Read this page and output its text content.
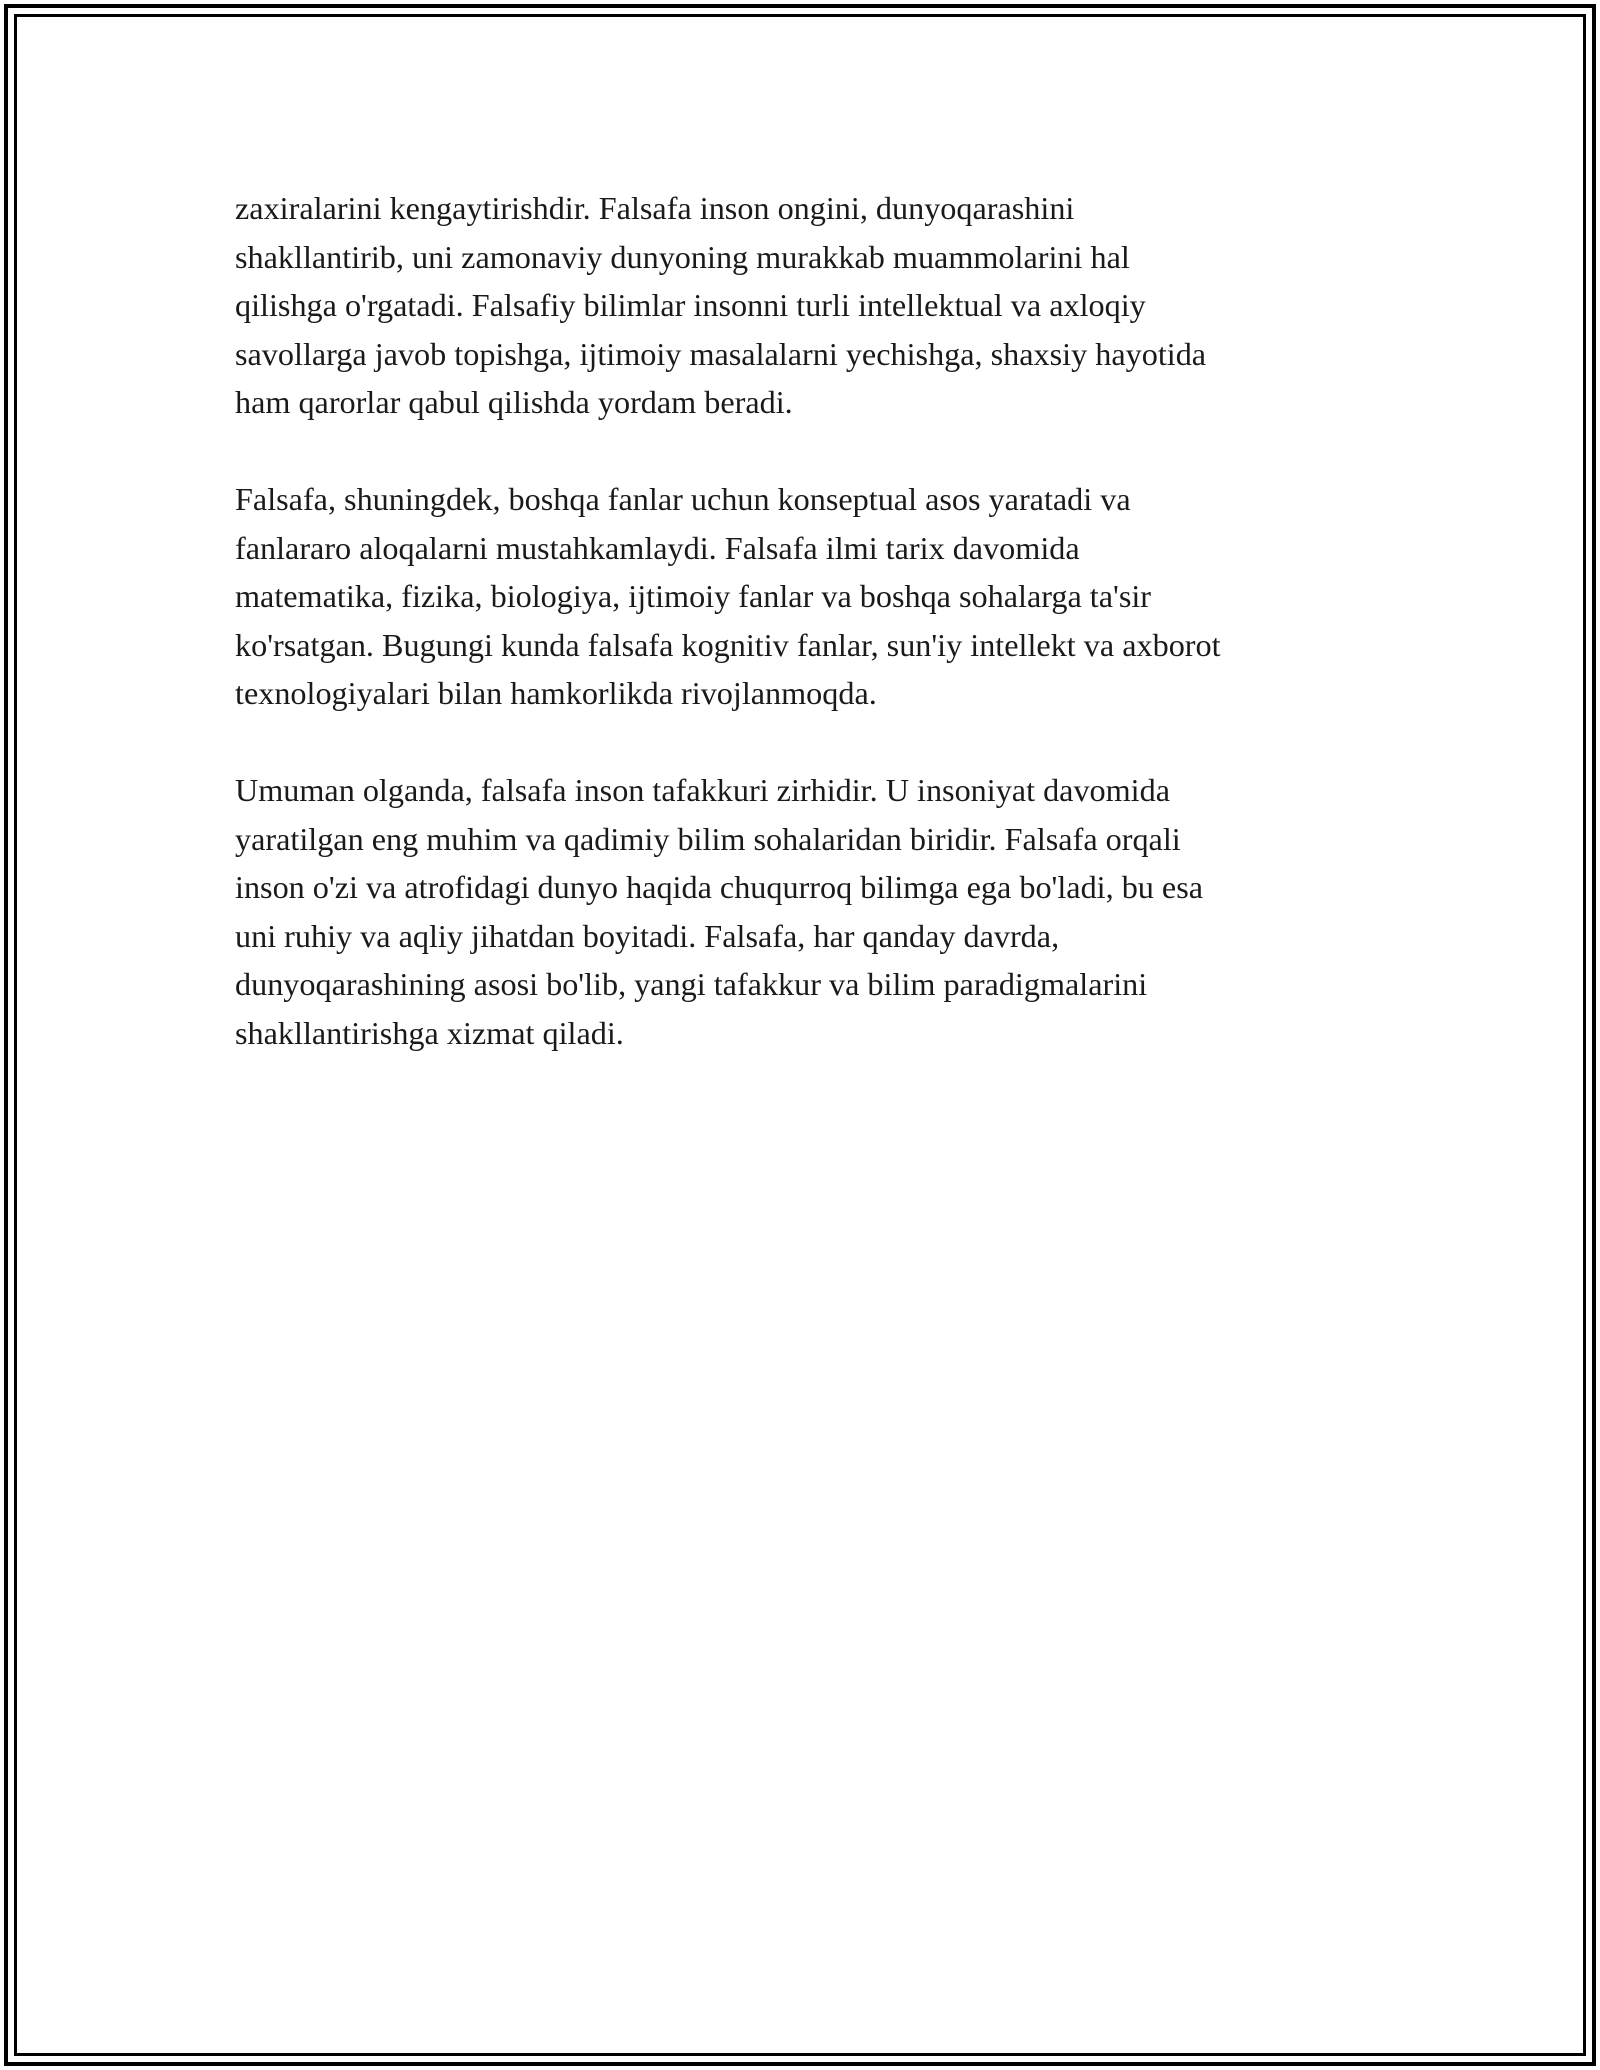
zaxiralarini kengaytirishdir. Falsafa inson ongini, dunyoqarashini
shakllantirib, uni zamonaviy dunyoning murakkab muammolarini hal
qilishga o'rgatadi. Falsafiy bilimlar insonni turli intellektual va axloqiy
savollarga javob topishga, ijtimoiy masalalarni yechishga, shaxsiy hayotida
ham qarorlar qabul qilishda yordam beradi.

Falsafa, shuningdek, boshqa fanlar uchun konseptual asos yaratadi va
fanlararo aloqalarni mustahkamlaydi. Falsafa ilmi tarix davomida
matematika, fizika, biologiya, ijtimoiy fanlar va boshqa sohalarga ta'sir
ko'rsatgan. Bugungi kunda falsafa kognitiv fanlar, sun'iy intellekt va axborot
texnologiyalari bilan hamkorlikda rivojlanmoqda.

Umuman olganda, falsafa inson tafakkuri zirhidir. U insoniyat davomida
yaratilgan eng muhim va qadimiy bilim sohalaridan biridir. Falsafa orqali
inson o'zi va atrofidagi dunyo haqida chuqurroq bilimga ega bo'ladi, bu esa
uni ruhiy va aqliy jihatdan boyitadi. Falsafa, har qanday davrda,
dunyoqarashining asosi bo'lib, yangi tafakkur va bilim paradigmalarini
shakllantirishga xizmat qiladi.
